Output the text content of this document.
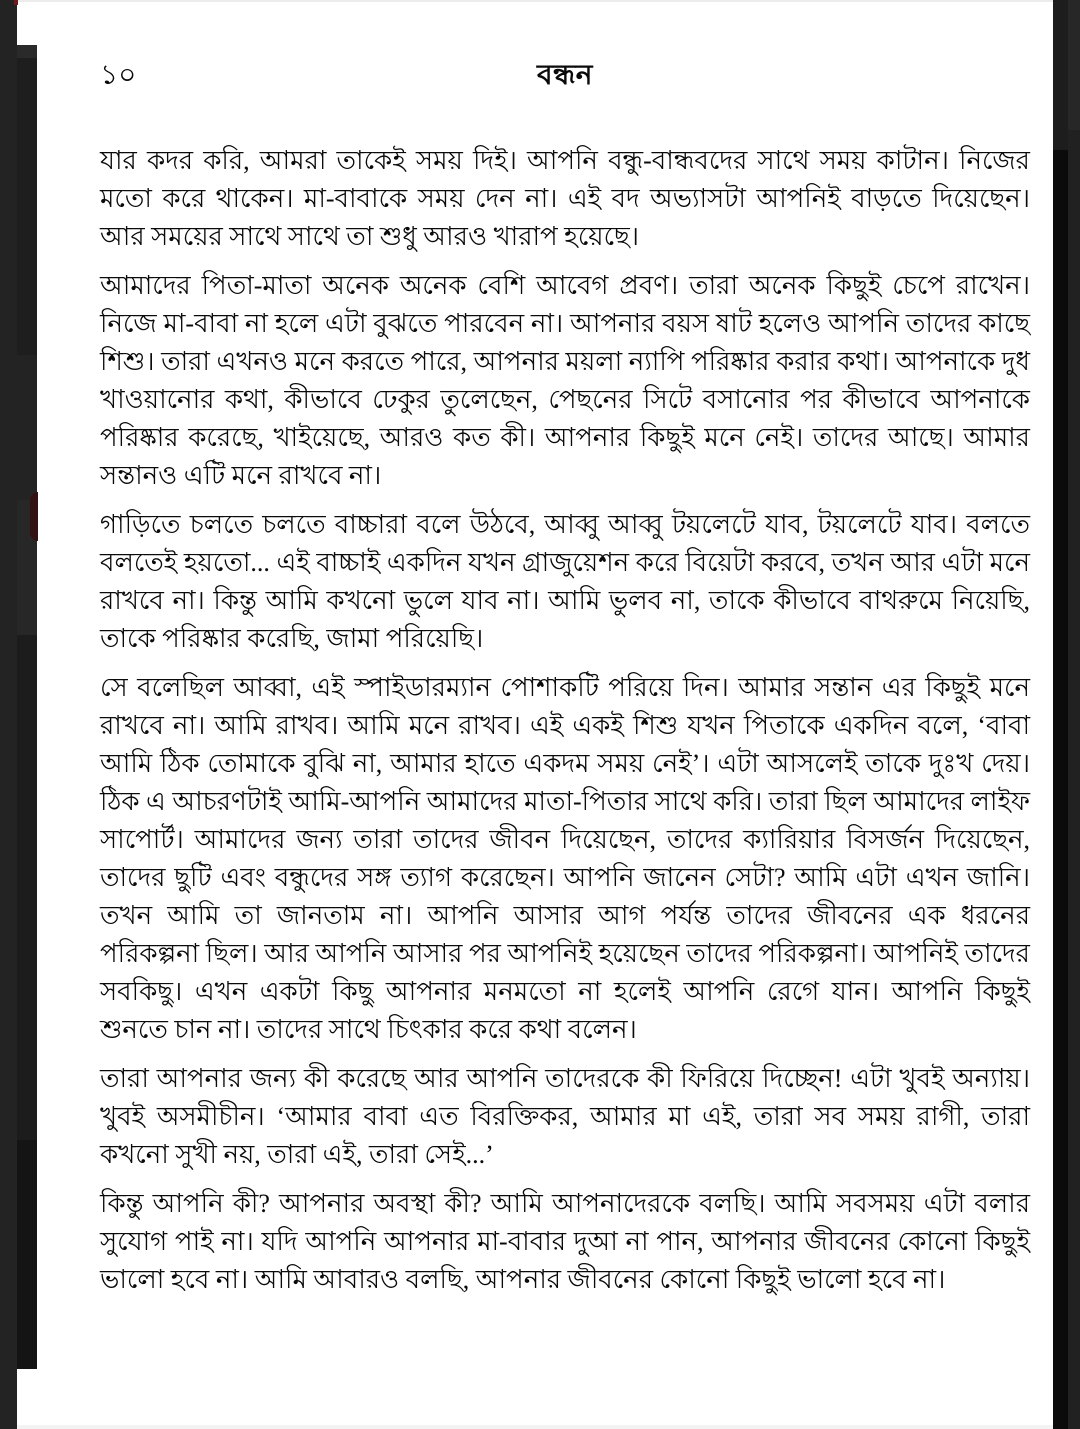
১০	বন্ধন

যার কদর করি, আমরা তাকেই সময় দিই। আপনি বন্ধু-বান্ধবদের সাথে সময় কাটান। নিজের মতো করে থাকেন। মা-বাবাকে সময় দেন না। এই বদ অভ্যাসটা আপনিই বাড়তে দিয়েছেন। আর সময়ের সাথে সাথে তা শুধু আরও খারাপ হয়েছে।

আমাদের পিতা-মাতা অনেক অনেক বেশি আবেগ প্রবণ। তারা অনেক কিছুই চেপে রাখেন। নিজে মা-বাবা না হলে এটা বুঝতে পারবেন না। আপনার বয়স ষাট হলেও আপনি তাদের কাছে শিশু। তারা এখনও মনে করতে পারে, আপনার ময়লা ন্যাপি পরিষ্কার করার কথা। আপনাকে দুধ খাওয়ানোর কথা, কীভাবে ঢেকুর তুলেছেন, পেছনের সিটে বসানোর পর কীভাবে আপনাকে পরিষ্কার করেছে, খাইয়েছে, আরও কত কী। আপনার কিছুই মনে নেই। তাদের আছে। আমার সন্তানও এটি মনে রাখবে না।

গাড়িতে চলতে চলতে বাচ্চারা বলে উঠবে, আব্বু আব্বু টয়লেটে যাব, টয়লেটে যাব। বলতে বলতেই হয়তো... এই বাচ্চাই একদিন যখন গ্রাজুয়েশন করে বিয়েটা করবে, তখন আর এটা মনে রাখবে না। কিন্তু আমি কখনো ভুলে যাব না। আমি ভুলব না, তাকে কীভাবে বাথরুমে নিয়েছি, তাকে পরিষ্কার করেছি, জামা পরিয়েছি।

সে বলেছিল আব্বা, এই স্পাইডারম্যান পোশাকটি পরিয়ে দিন। আমার সন্তান এর কিছুই মনে রাখবে না। আমি রাখব। আমি মনে রাখব। এই একই শিশু যখন পিতাকে একদিন বলে, ‘বাবা আমি ঠিক তোমাকে বুঝি না, আমার হাতে একদম সময় নেই’। এটা আসলেই তাকে দুঃখ দেয়। ঠিক এ আচরণটাই আমি-আপনি আমাদের মাতা-পিতার সাথে করি। তারা ছিল আমাদের লাইফ সাপোর্ট। আমাদের জন্য তারা তাদের জীবন দিয়েছেন, তাদের ক্যারিয়ার বিসর্জন দিয়েছেন, তাদের ছুটি এবং বন্ধুদের সঙ্গ ত্যাগ করেছেন। আপনি জানেন সেটা? আমি এটা এখন জানি। তখন আমি তা জানতাম না। আপনি আসার আগ পর্যন্ত তাদের জীবনের এক ধরনের পরিকল্পনা ছিল। আর আপনি আসার পর আপনিই হয়েছেন তাদের পরিকল্পনা। আপনিই তাদের সবকিছু। এখন একটা কিছু আপনার মনমতো না হলেই আপনি রেগে যান। আপনি কিছুই শুনতে চান না। তাদের সাথে চিৎকার করে কথা বলেন।

তারা আপনার জন্য কী করেছে আর আপনি তাদেরকে কী ফিরিয়ে দিচ্ছেন! এটা খুবই অন্যায়। খুবই অসমীচীন। ‘আমার বাবা এত বিরক্তিকর, আমার মা এই, তারা সব সময় রাগী, তারা কখনো সুখী নয়, তারা এই, তারা সেই...’

কিন্তু আপনি কী? আপনার অবস্থা কী? আমি আপনাদেরকে বলছি। আমি সবসময় এটা বলার সুযোগ পাই না। যদি আপনি আপনার মা-বাবার দুআ না পান, আপনার জীবনের কোনো কিছুই ভালো হবে না। আমি আবারও বলছি, আপনার জীবনের কোনো কিছুই ভালো হবে না।
